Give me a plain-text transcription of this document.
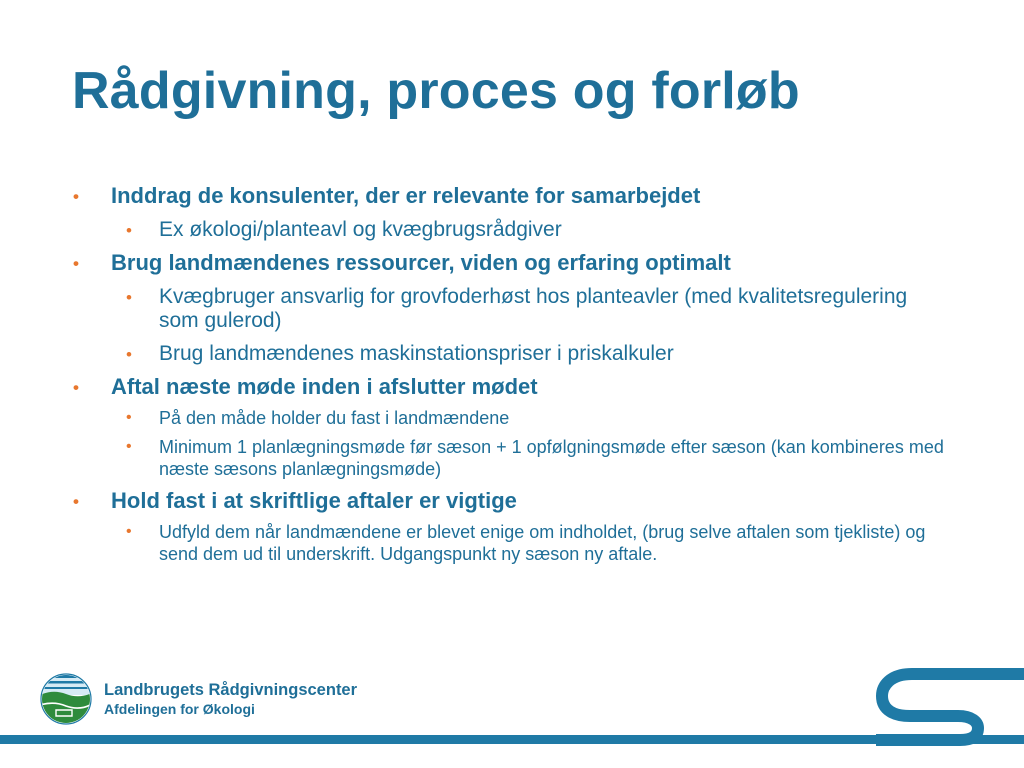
Rådgivning, proces og forløb
• Inddrag de konsulenter, der er relevante for samarbejdet
• Ex økologi/planteavl og kvægbrugsrådgiver
• Brug landmændenes ressourcer, viden og erfaring optimalt
• Kvægbruger ansvarlig for grovfoderhøst hos planteavler (med kvalitetsregulering som gulerod)
• Brug landmændenes maskinstationspriser i priskalkuler
• Aftal næste møde inden i afslutter mødet
• På den måde holder du fast i landmændene
• Minimum 1 planlægningsmøde før sæson + 1 opfølgningsmøde efter sæson (kan kombineres med næste sæsons planlægningsmøde)
• Hold fast i at skriftlige aftaler er vigtige
• Udfyld dem når landmændene er blevet enige om indholdet, (brug selve aftalen som tjekliste) og send dem ud til underskrift. Udgangspunkt ny sæson ny aftale.
Landbrugets Rådgivningscenter
Afdelingen for Økologi
